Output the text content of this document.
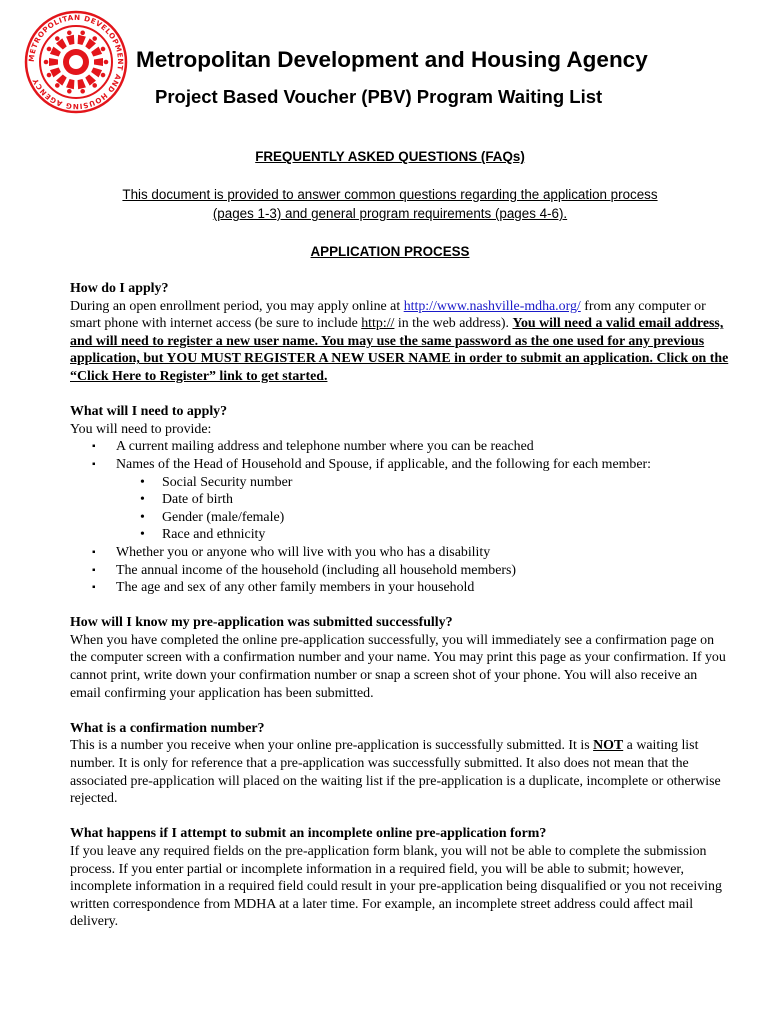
METROPOLITAN DEVELOPMENT AND HOUSING AGENCY
Metropolitan Development and Housing Agency
Project Based Voucher (PBV) Program Waiting List
FREQUENTLY ASKED QUESTIONS (FAQs)
This document is provided to answer common questions regarding the application process
(pages 1-3) and general program requirements (pages 4-6).
APPLICATION PROCESS

How do I apply?

During an open enrollment period, you may apply online at http://www.nashville-mdha.org/ from any computer or smart phone with internet access (be sure to include http:// in the web address). You will need a valid email address, and will need to register a new user name. You may use the same password as the one used for any previous application, but YOU MUST REGISTER A NEW USER NAME in order to submit an application. Click on the “Click Here to Register” link to get started.

What will I need to apply?

You will need to provide:

▪ A current mailing address and telephone number where you can be reached
▪ Names of the Head of Household and Spouse, if applicable, and the following for each member:
• Social Security number
• Date of birth
• Gender (male/female)
• Race and ethnicity
▪ Whether you or anyone who will live with you who has a disability
▪ The annual income of the household (including all household members)
▪ The age and sex of any other family members in your household

How will I know my pre-application was submitted successfully?

When you have completed the online pre-application successfully, you will immediately see a confirmation page on the computer screen with a confirmation number and your name. You may print this page as your confirmation. If you cannot print, write down your confirmation number or snap a screen shot of your phone. You will also receive an email confirming your application has been submitted.

What is a confirmation number?

This is a number you receive when your online pre-application is successfully submitted. It is NOT a waiting list number. It is only for reference that a pre-application was successfully submitted. It also does not mean that the associated pre-application will placed on the waiting list if the pre-application is a duplicate, incomplete or otherwise rejected.

What happens if I attempt to submit an incomplete online pre-application form?

If you leave any required fields on the pre-application form blank, you will not be able to complete the submission process. If you enter partial or incomplete information in a required field, you will be able to submit; however, incomplete information in a required field could result in your pre-application being disqualified or you not receiving written correspondence from MDHA at a later time. For example, an incomplete street address could affect mail delivery.
